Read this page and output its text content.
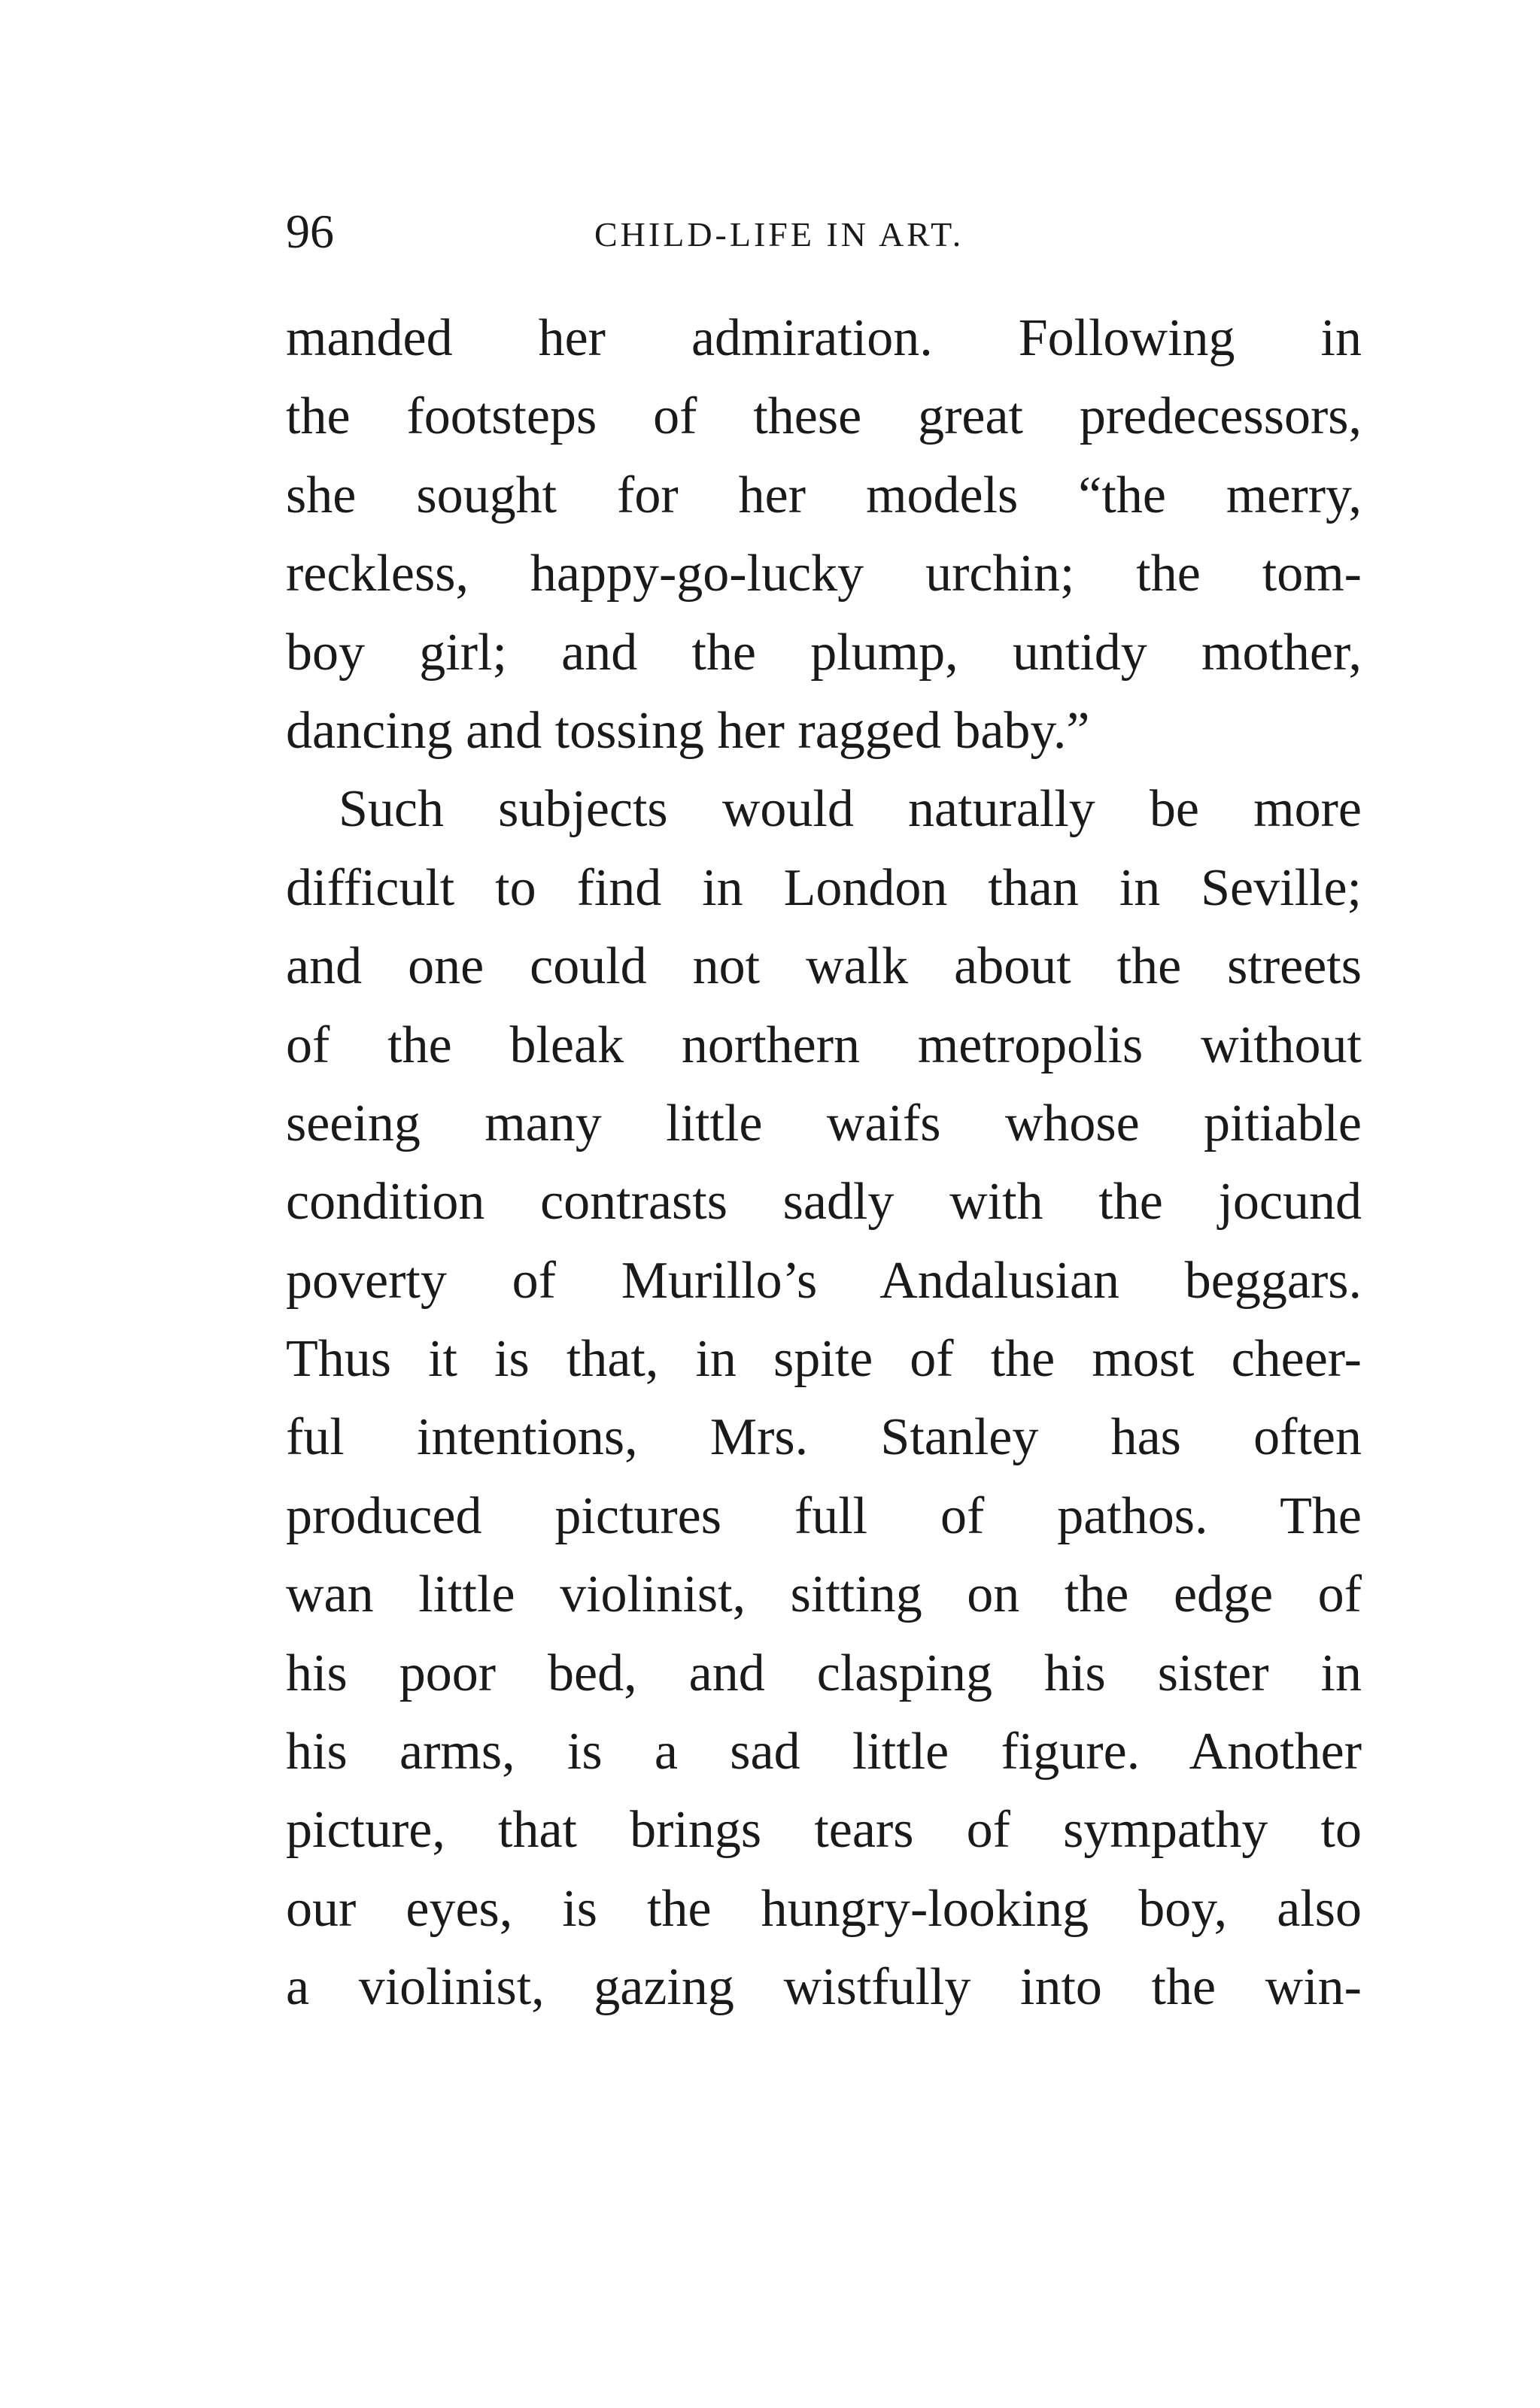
96	CHILD-LIFE IN ART.
manded her admiration. Following in
the footsteps of these great predecessors,
she sought for her models “the merry,
reckless, happy-go-lucky urchin; the tom-
boy girl; and the plump, untidy mother,
dancing and tossing her ragged baby.”
Such subjects would naturally be more
difficult to find in London than in Seville;
and one could not walk about the streets
of the bleak northern metropolis without
seeing many little waifs whose pitiable
condition contrasts sadly with the jocund
poverty of Murillo’s Andalusian beggars.
Thus it is that, in spite of the most cheer-
ful intentions, Mrs. Stanley has often
produced pictures full of pathos. The
wan little violinist, sitting on the edge of
his poor bed, and clasping his sister in
his arms, is a sad little figure. Another
picture, that brings tears of sympathy to
our eyes, is the hungry-looking boy, also
a violinist, gazing wistfully into the win-
